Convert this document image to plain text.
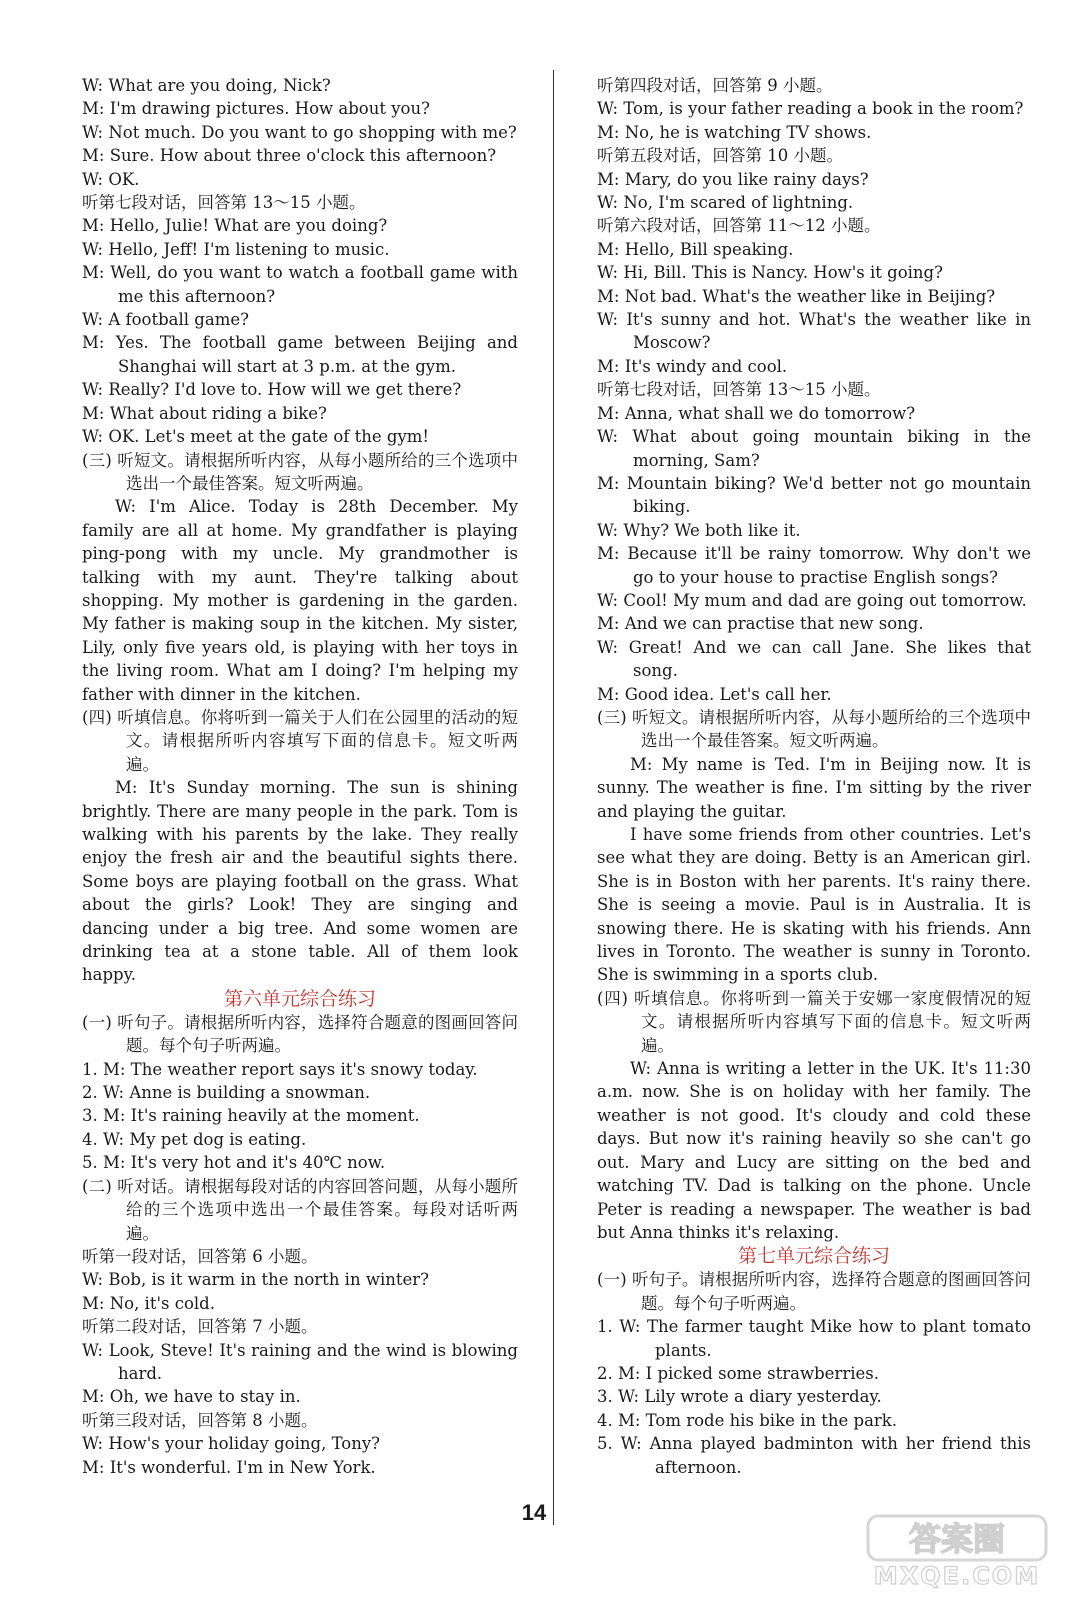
W: What are you doing, Nick?
M: I'm drawing pictures. How about you?
W: Not much. Do you want to go shopping with me?
M: Sure. How about three o'clock this afternoon?
W: OK.
听第七段对话，回答第 13～15 小题。
M: Hello, Julie! What are you doing?
W: Hello, Jeff! I'm listening to music.
M: Well, do you want to watch a football game with me this afternoon?
W: A football game?
M: Yes. The football game between Beijing and Shanghai will start at 3 p.m. at the gym.
W: Really? I'd love to. How will we get there?
M: What about riding a bike?
W: OK. Let's meet at the gate of the gym!
(三) 听短文。请根据所听内容，从每小题所给的三个选项中选出一个最佳答案。短文听两遍。
W: I'm Alice. Today is 28th December. My family are all at home. My grandfather is playing ping-pong with my uncle. My grandmother is talking with my aunt. They're talking about shopping. My mother is gardening in the garden. My father is making soup in the kitchen. My sister, Lily, only five years old, is playing with her toys in the living room. What am I doing? I'm helping my father with dinner in the kitchen.
(四) 听填信息。你将听到一篇关于人们在公园里的活动的短文。请根据所听内容填写下面的信息卡。短文听两遍。
M: It's Sunday morning. The sun is shining brightly. There are many people in the park. Tom is walking with his parents by the lake. They really enjoy the fresh air and the beautiful sights there. Some boys are playing football on the grass. What about the girls? Look! They are singing and dancing under a big tree. And some women are drinking tea at a stone table. All of them look happy.
第六单元综合练习
(一) 听句子。请根据所听内容，选择符合题意的图画回答问题。每个句子听两遍。
1. M: The weather report says it's snowy today.
2. W: Anne is building a snowman.
3. M: It's raining heavily at the moment.
4. W: My pet dog is eating.
5. M: It's very hot and it's 40℃ now.
(二) 听对话。请根据每段对话的内容回答问题，从每小题所给的三个选项中选出一个最佳答案。每段对话听两遍。
听第一段对话，回答第 6 小题。
W: Bob, is it warm in the north in winter?
M: No, it's cold.
听第二段对话，回答第 7 小题。
W: Look, Steve! It's raining and the wind is blowing hard.
M: Oh, we have to stay in.
听第三段对话，回答第 8 小题。
W: How's your holiday going, Tony?
M: It's wonderful. I'm in New York.
听第四段对话，回答第 9 小题。
W: Tom, is your father reading a book in the room?
M: No, he is watching TV shows.
听第五段对话，回答第 10 小题。
M: Mary, do you like rainy days?
W: No, I'm scared of lightning.
听第六段对话，回答第 11～12 小题。
M: Hello, Bill speaking.
W: Hi, Bill. This is Nancy. How's it going?
M: Not bad. What's the weather like in Beijing?
W: It's sunny and hot. What's the weather like in Moscow?
M: It's windy and cool.
听第七段对话，回答第 13～15 小题。
M: Anna, what shall we do tomorrow?
W: What about going mountain biking in the morning, Sam?
M: Mountain biking? We'd better not go mountain biking.
W: Why? We both like it.
M: Because it'll be rainy tomorrow. Why don't we go to your house to practise English songs?
W: Cool! My mum and dad are going out tomorrow.
M: And we can practise that new song.
W: Great! And we can call Jane. She likes that song.
M: Good idea. Let's call her.
(三) 听短文。请根据所听内容，从每小题所给的三个选项中选出一个最佳答案。短文听两遍。
M: My name is Ted. I'm in Beijing now. It is sunny. The weather is fine. I'm sitting by the river and playing the guitar.
I have some friends from other countries. Let's see what they are doing. Betty is an American girl. She is in Boston with her parents. It's rainy there. She is seeing a movie. Paul is in Australia. It is snowing there. He is skating with his friends. Ann lives in Toronto. The weather is sunny in Toronto. She is swimming in a sports club.
(四) 听填信息。你将听到一篇关于安娜一家度假情况的短文。请根据所听内容填写下面的信息卡。短文听两遍。
W: Anna is writing a letter in the UK. It's 11:30 a.m. now. She is on holiday with her family. The weather is not good. It's cloudy and cold these days. But now it's raining heavily so she can't go out. Mary and Lucy are sitting on the bed and watching TV. Dad is talking on the phone. Uncle Peter is reading a newspaper. The weather is bad but Anna thinks it's relaxing.
第七单元综合练习
(一) 听句子。请根据所听内容，选择符合题意的图画回答问题。每个句子听两遍。
1. W: The farmer taught Mike how to plant tomato plants.
2. M: I picked some strawberries.
3. W: Lily wrote a diary yesterday.
4. M: Tom rode his bike in the park.
5. W: Anna played badminton with her friend this afternoon.
14
答案圈
MXQE.COM
